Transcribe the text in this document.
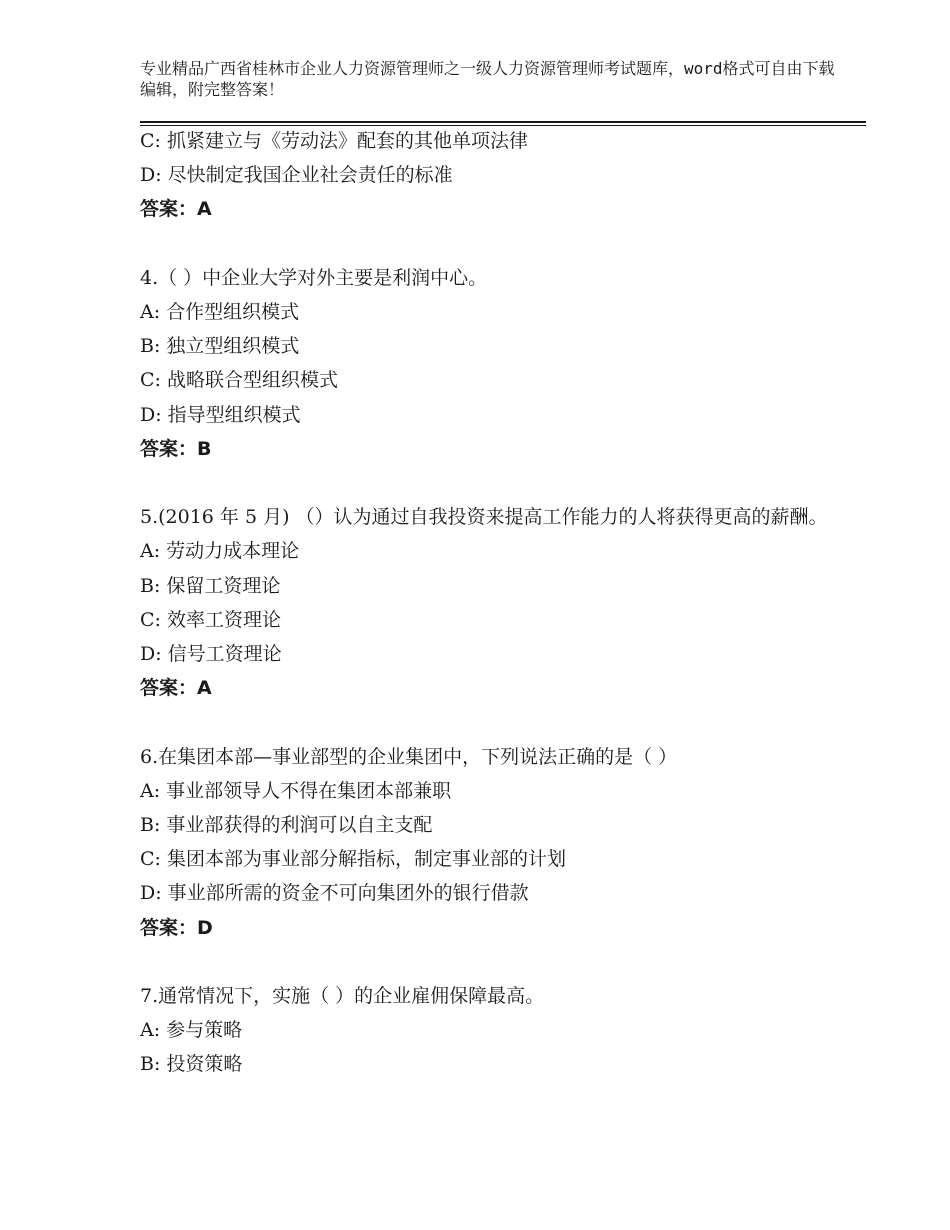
专业精品广西省桂林市企业人力资源管理师之一级人力资源管理师考试题库，word格式可自由下载编辑，附完整答案！
C: 抓紧建立与《劳动法》配套的其他单项法律
D: 尽快制定我国企业社会责任的标准
答案：A
4.（ ）中企业大学对外主要是利润中心。
A: 合作型组织模式
B: 独立型组织模式
C: 战略联合型组织模式
D: 指导型组织模式
答案：B
5.(2016 年 5 月) （）认为通过自我投资来提高工作能力的人将获得更高的薪酬。
A: 劳动力成本理论
B: 保留工资理论
C: 效率工资理论
D: 信号工资理论
答案：A
6.在集团本部—事业部型的企业集团中，下列说法正确的是（ ）
A: 事业部领导人不得在集团本部兼职
B: 事业部获得的利润可以自主支配
C: 集团本部为事业部分解指标，制定事业部的计划
D: 事业部所需的资金不可向集团外的银行借款
答案：D
7.通常情况下，实施（ ）的企业雇佣保障最高。
A: 参与策略
B: 投资策略
